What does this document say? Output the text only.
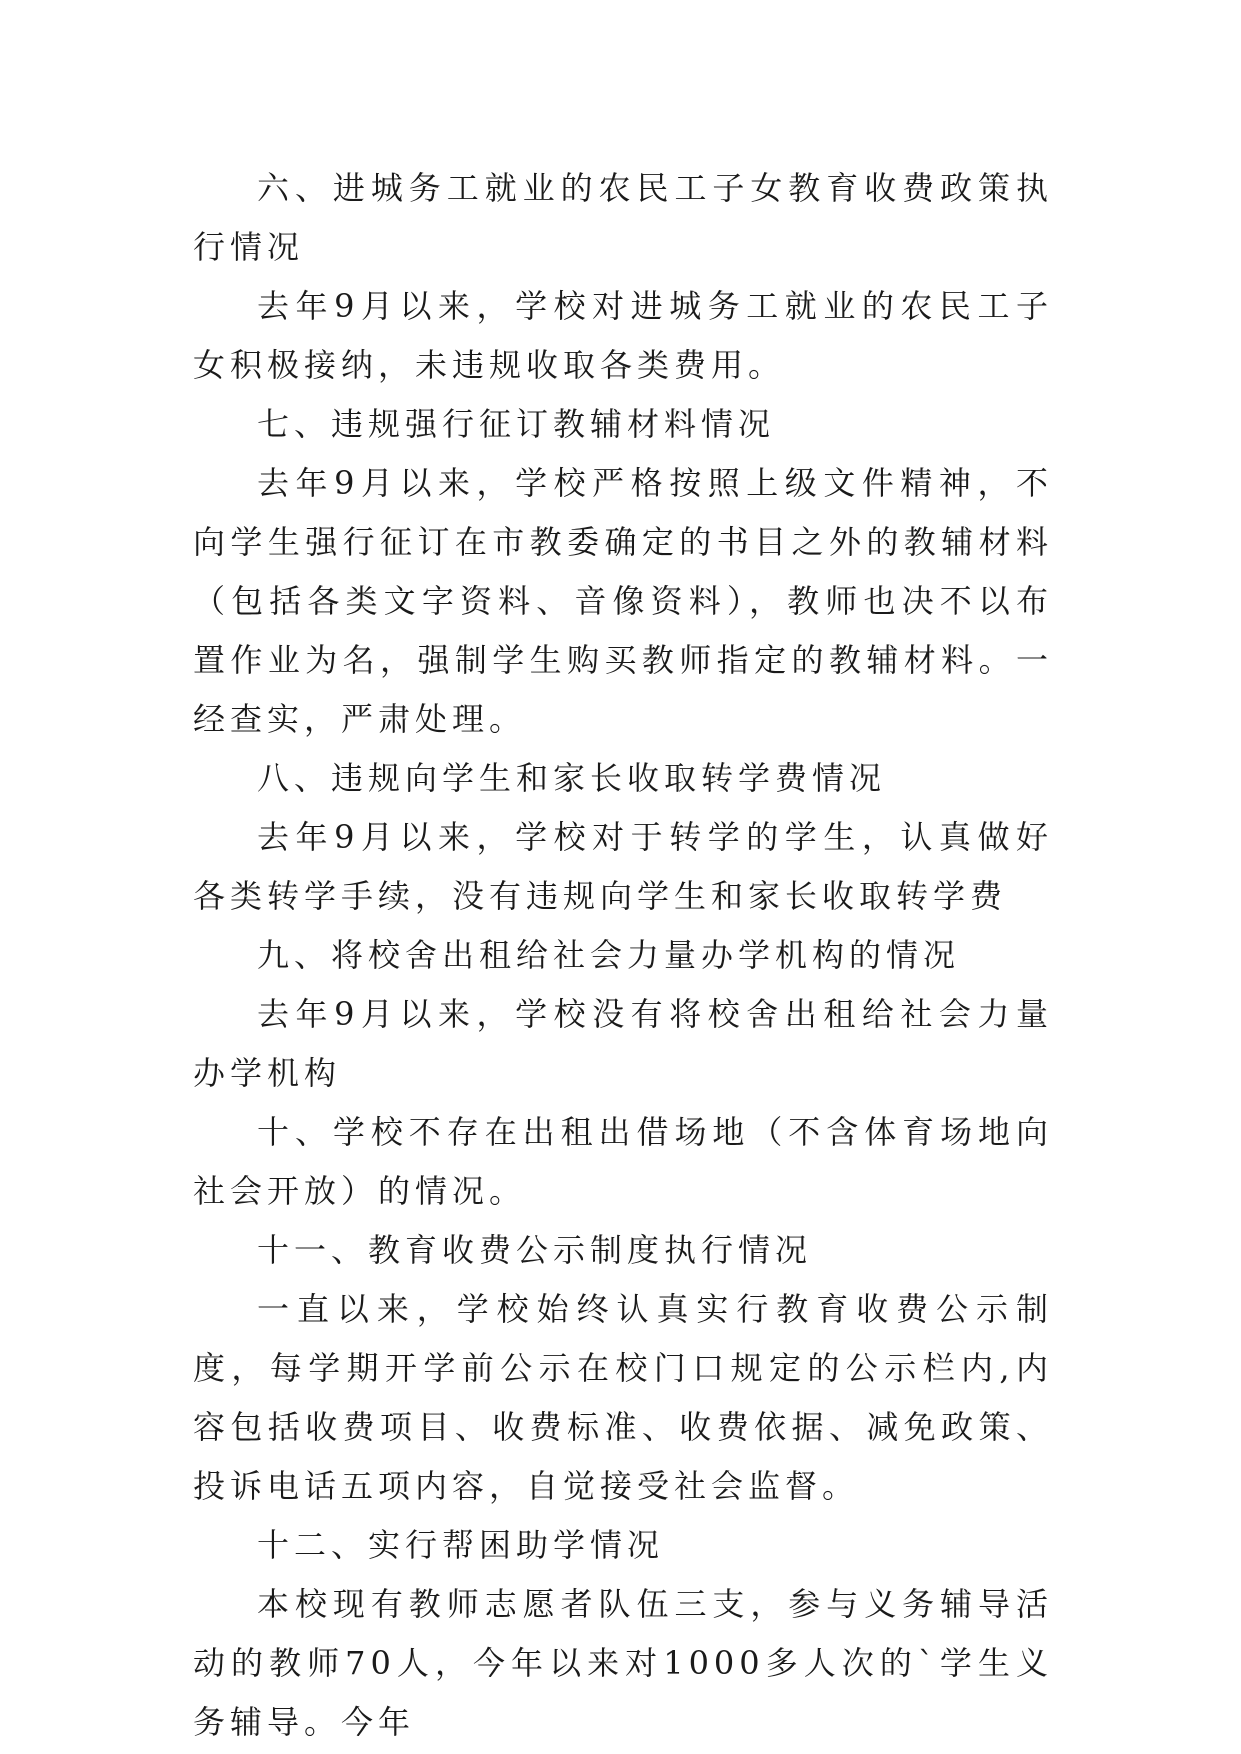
六、进城务工就业的农民工子女教育收费政策执行情况

去年9月以来，学校对进城务工就业的农民工子女积极接纳，未违规收取各类费用。

七、违规强行征订教辅材料情况

去年9月以来，学校严格按照上级文件精神，不向学生强行征订在市教委确定的书目之外的教辅材料（包括各类文字资料、音像资料），教师也决不以布置作业为名，强制学生购买教师指定的教辅材料。一经查实，严肃处理。

八、违规向学生和家长收取转学费情况

去年9月以来，学校对于转学的学生，认真做好各类转学手续，没有违规向学生和家长收取转学费

九、将校舍出租给社会力量办学机构的情况

去年9月以来，学校没有将校舍出租给社会力量办学机构

十、学校不存在出租出借场地（不含体育场地向社会开放）的情况。

十一、教育收费公示制度执行情况

一直以来，学校始终认真实行教育收费公示制度，每学期开学前公示在校门口规定的公示栏内,内容包括收费项目、收费标准、收费依据、减免政策、投诉电话五项内容，自觉接受社会监督。

十二、实行帮困助学情况

本校现有教师志愿者队伍三支，参与义务辅导活动的教师70人，今年以来对1000多人次的`学生义务辅导。今年
